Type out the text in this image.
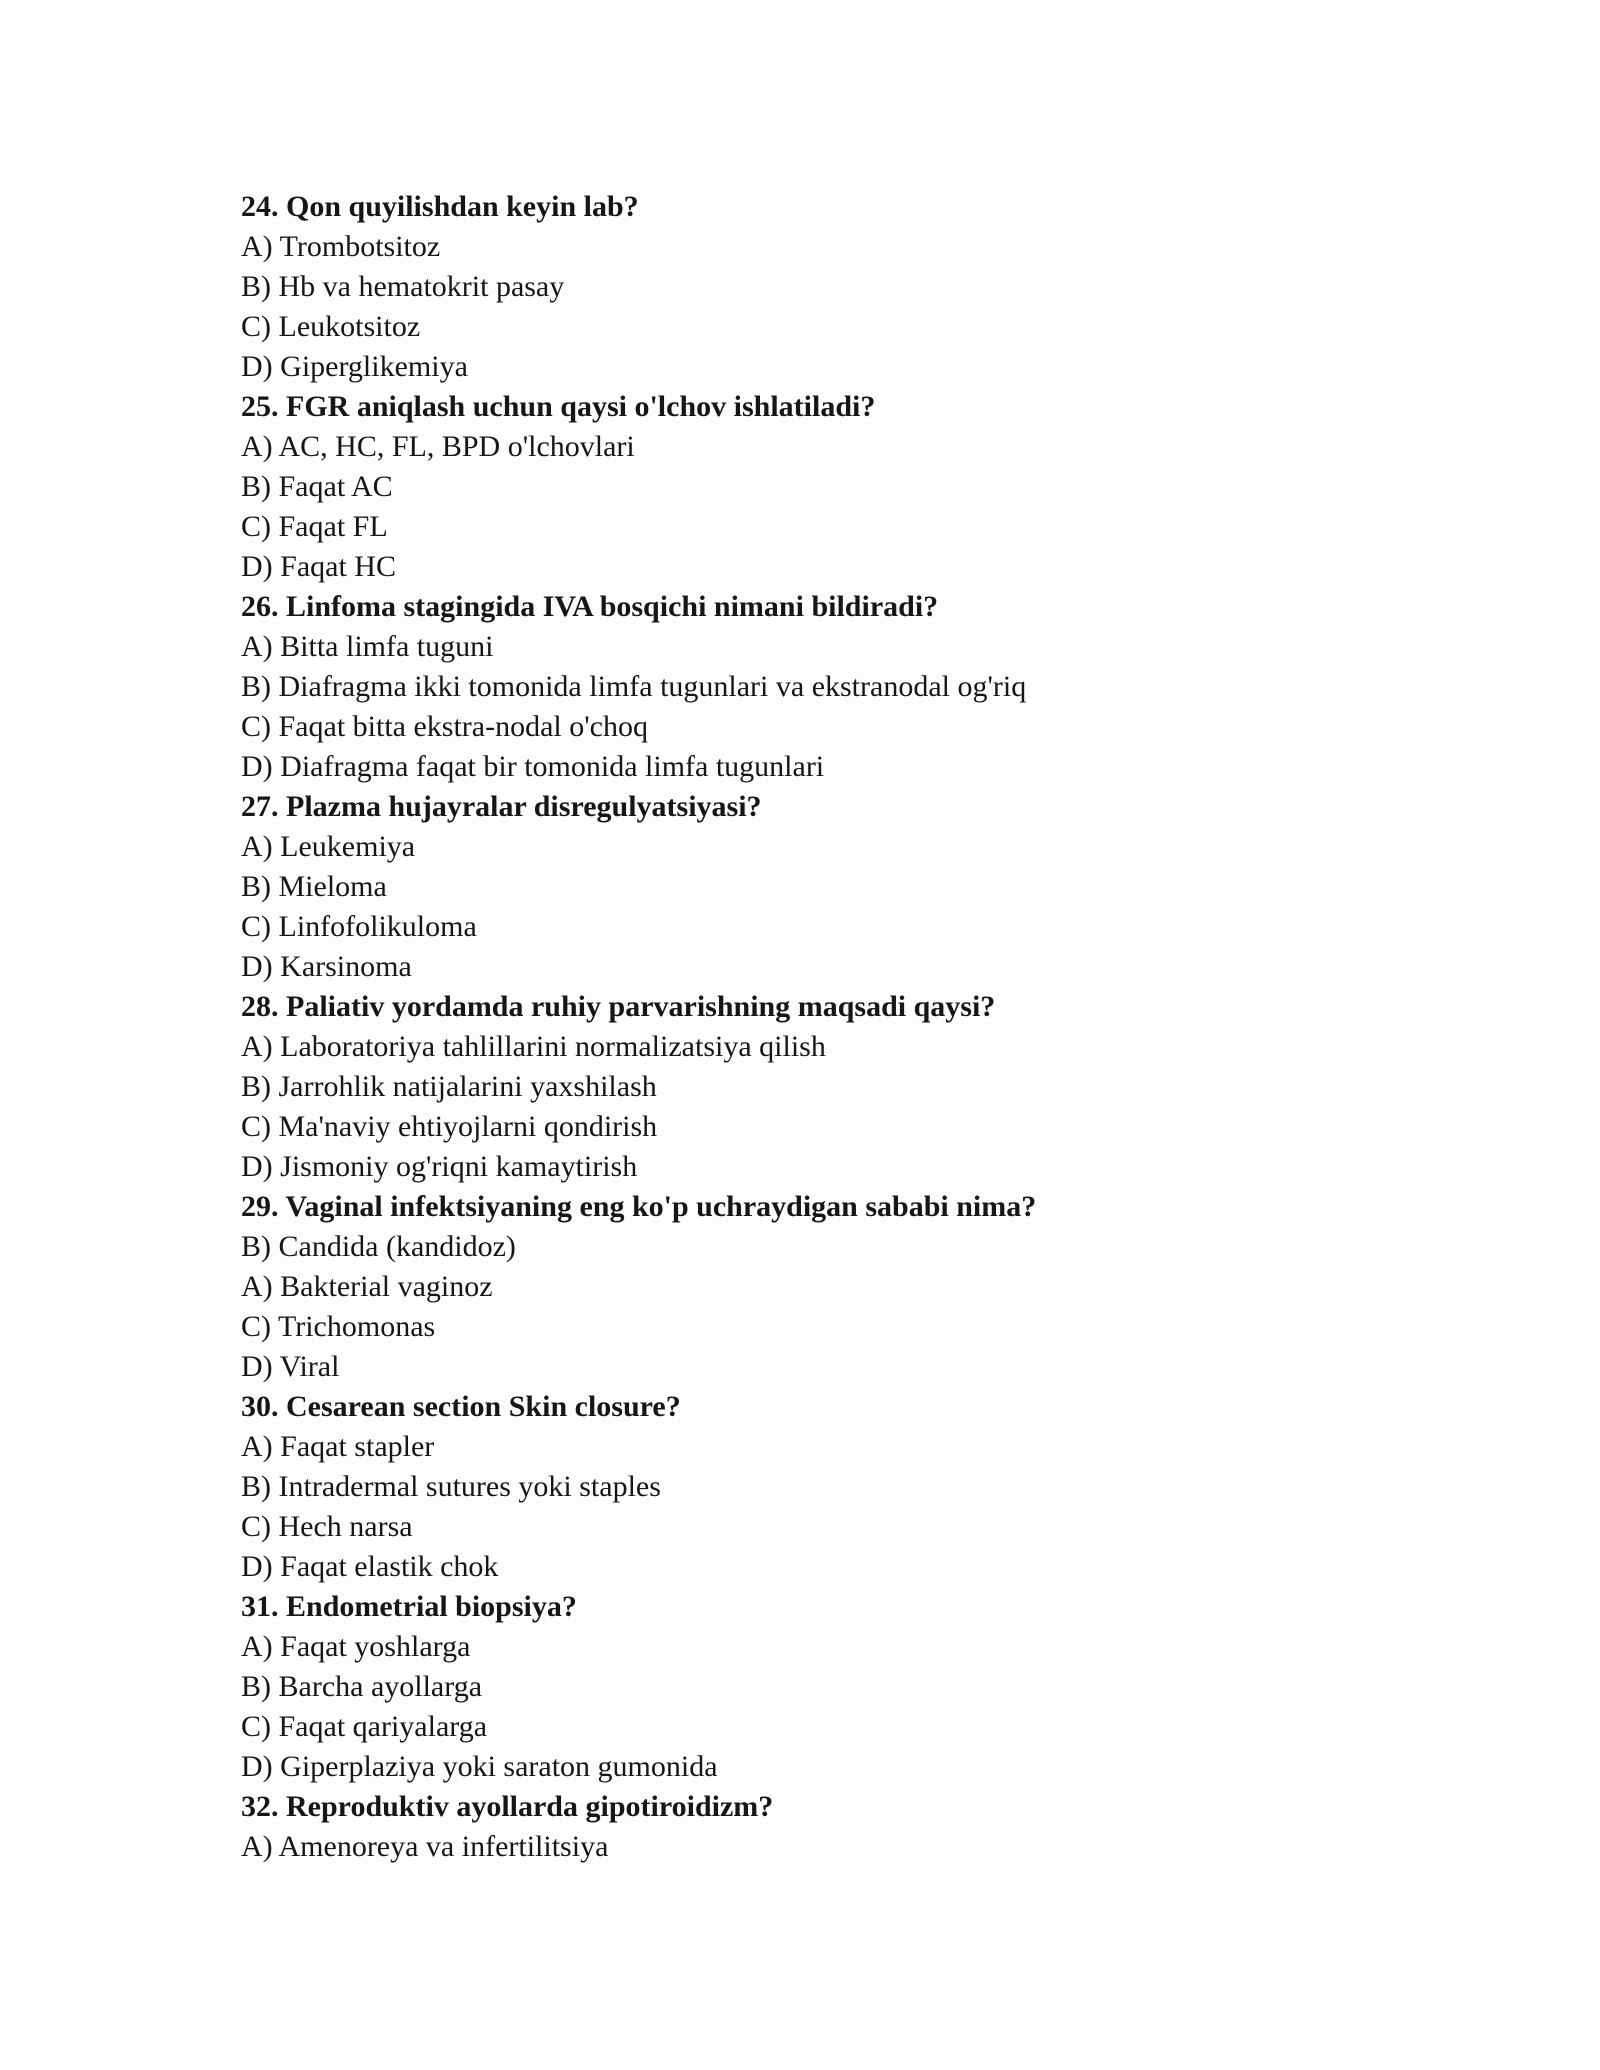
24. Qon quyilishdan keyin lab?
A) Trombotsitoz
B) Hb va hematokrit pasay
C) Leukotsitoz
D) Giperglikemiya
25. FGR aniqlash uchun qaysi o'lchov ishlatiladi?
A) AC, HC, FL, BPD o'lchovlari
B) Faqat AC
C) Faqat FL
D) Faqat HC
26. Linfoma stagingida IVA bosqichi nimani bildiradi?
A) Bitta limfa tuguni
B) Diafragma ikki tomonida limfa tugunlari va ekstranodal og'riq
C) Faqat bitta ekstra-nodal o'choq
D) Diafragma faqat bir tomonida limfa tugunlari
27. Plazma hujayralar disregulyatsiyasi?
A) Leukemiya
B) Mieloma
C) Linfofolikuloma
D) Karsinoma
28. Paliativ yordamda ruhiy parvarishning maqsadi qaysi?
A) Laboratoriya tahlillarini normalizatsiya qilish
B) Jarrohlik natijalarini yaxshilash
C) Ma'naviy ehtiyojlarni qondirish
D) Jismoniy og'riqni kamaytirish
29. Vaginal infektsiyaning eng ko'p uchraydigan sababi nima?
B) Candida (kandidoz)
A) Bakterial vaginoz
C) Trichomonas
D) Viral
30. Cesarean section Skin closure?
A) Faqat stapler
B) Intradermal sutures yoki staples
C) Hech narsa
D) Faqat elastik chok
31. Endometrial biopsiya?
A) Faqat yoshlarga
B) Barcha ayollarga
C) Faqat qariyalarga
D) Giperplaziya yoki saraton gumonida
32. Reproduktiv ayollarda gipotiroidizm?
A) Amenoreya va infertilitsiya
